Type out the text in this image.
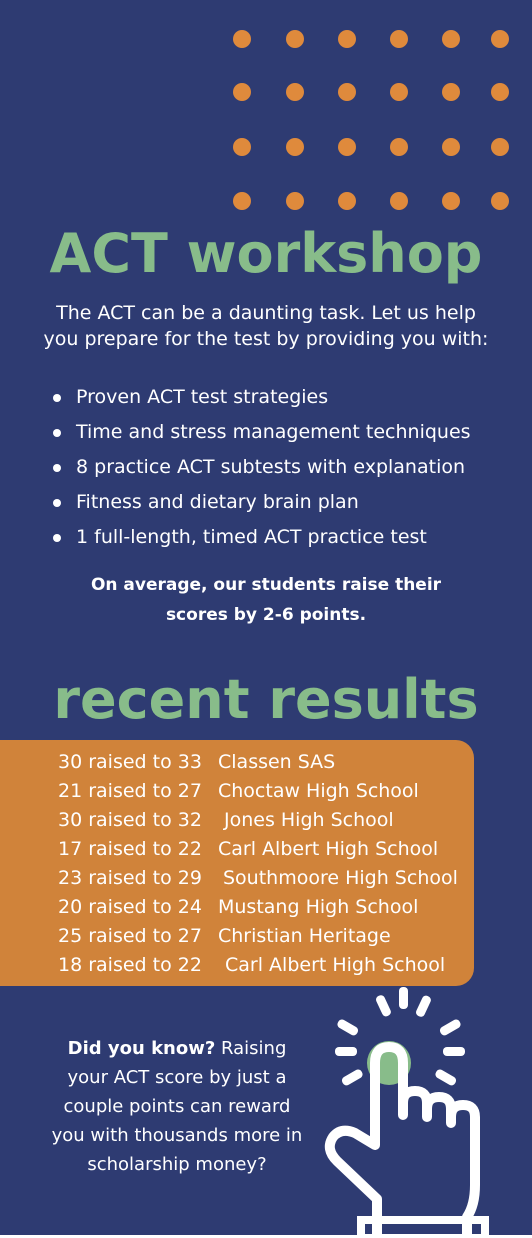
ACT workshop
The ACT can be a daunting task. Let us help you prepare for the test by providing you with:
Proven ACT test strategies
Time and stress management techniques
8 practice ACT subtests with explanation
Fitness and dietary brain plan
1 full-length, timed ACT practice test
On average, our students raise their scores by 2-6 points.
recent results
30 raised to 33 Classen SAS
21 raised to 27 Choctaw High School
30 raised to 32 Jones High School
17 raised to 22 Carl Albert High School
23 raised to 29 Southmoore High School
20 raised to 24 Mustang High School
25 raised to 27 Christian Heritage
18 raised to 22 Carl Albert High School
Did you know? Raising your ACT score by just a couple points can reward you with thousands more in scholarship money?
